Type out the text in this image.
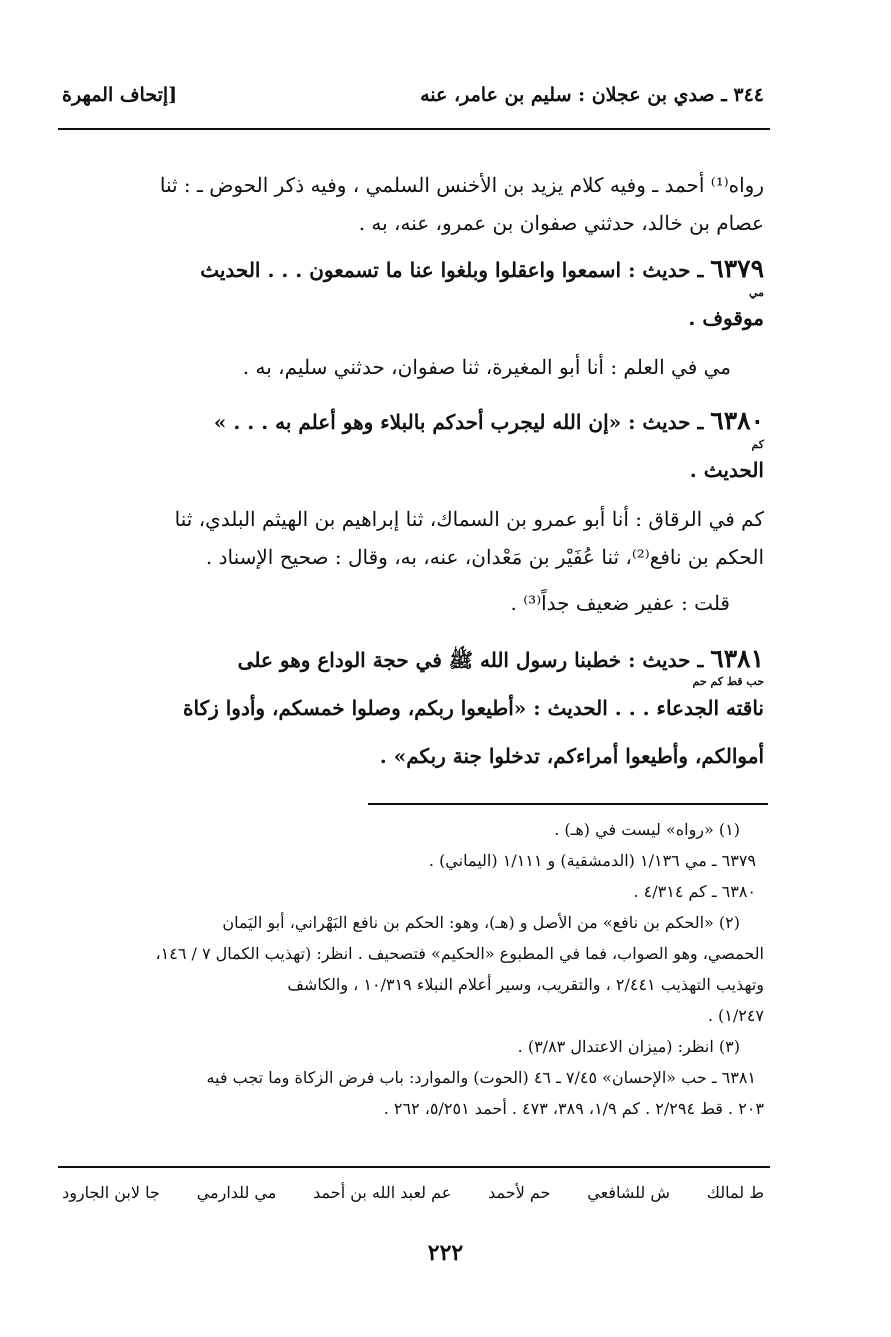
٣٤٤ ـ صدي بن عجلان : سليم بن عامر، عنه
[إتحاف المهرة
رواه⁽¹⁾ أحمد ـ وفيه كلام يزيد بن الأخنس السلمي ، وفيه ذكر الحوض ـ : ثنا
عصام بن خالد، حدثني صفوان بن عمرو، عنه، به .
٦٣٧٩ ـ حديث : اسمعوا واعقلوا وبلغوا عنا ما تسمعون . . . الحديث
موقوف .
مي
مي في العلم : أنا أبو المغيرة، ثنا صفوان، حدثني سليم، به .
٦٣٨٠ ـ حديث : «إن الله ليجرب أحدكم بالبلاء وهو أعلم به . . . »
الحديث .
كم
كم في الرقاق : أنا أبو عمرو بن السماك، ثنا إبراهيم بن الهيثم البلدي، ثنا
الحكم بن نافع⁽²⁾، ثنا عُفَيْر بن مَعْدان، عنه، به، وقال : صحيح الإسناد .
قلت : عفير ضعيف جداً⁽³⁾ .
٦٣٨١ ـ حديث : خطبنا رسول الله ﷺ في حجة الوداع وهو على
ناقته الجدعاء . . . الحديث : «أطيعوا ربكم، وصلوا خمسكم، وأدوا زكاة
أموالكم، وأطيعوا أمراءكم، تدخلوا جنة ربكم» .
حب قط كم حم
(١) «رواه» ليست في (هـ) .
٦٣٧٩ ـ مي ١/١٣٦ (الدمشقية) و ١/١١١ (اليماني) .
٦٣٨٠ ـ كم ٤/٣١٤ .
(٢) «الحكم بن نافع» من الأصل و (هـ)، وهو: الحكم بن نافع البَهْراني، أبو اليَمان
الحمصي، وهو الصواب، فما في المطبوع «الحكيم» فتصحيف . انظر: (تهذيب الكمال ٧ / ١٤٦،
وتهذيب التهذيب ٢/٤٤١ ، والتقريب، وسير أعلام النبلاء ١٠/٣١٩ ، والكاشف
١/٢٤٧) .
(٣) انظر: (ميزان الاعتدال ٣/٨٣) .
٦٣٨١ ـ حب «الإحسان» ٧/٤٥ ـ ٤٦ (الحوت) والموارد: باب فرض الزكاة وما تجب فيه
٢٠٣ . قط ٢/٢٩٤ . كم ١/٩، ٣٨٩، ٤٧٣ . أحمد ٥/٢٥١، ٢٦٢ .
ط لمالك
ش للشافعي
حم لأحمد
عم لعبد الله بن أحمد
مي للدارمي
جا لابن الجارود
٢٢٢
